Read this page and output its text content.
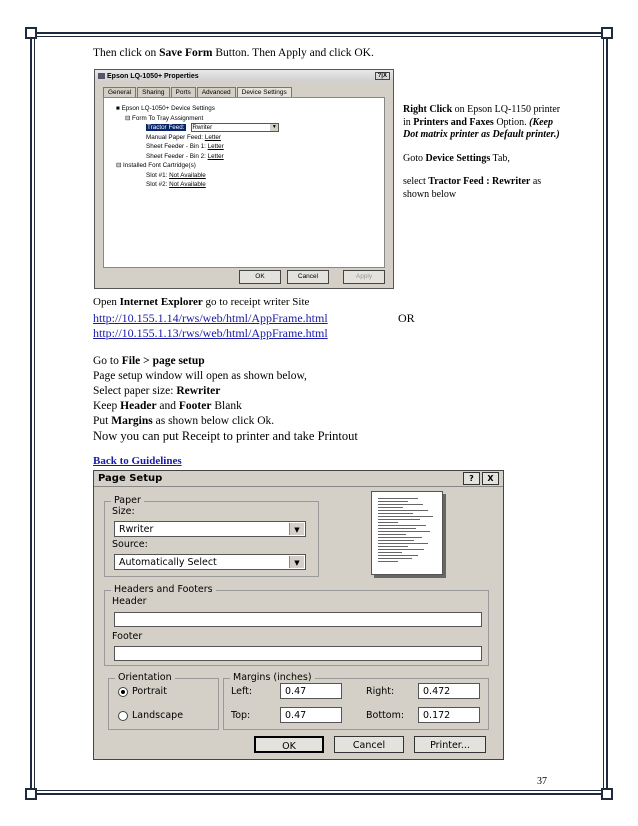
Then click on Save Form Button. Then Apply and click OK.
Epson LQ-1050+ Properties	?|X
General	Sharing	Ports	Advanced	Device Settings
■ Epson LQ-1050+ Device Settings
⊟ Form To Tray Assignment
Tractor Feed: Rwriter	▼
Manual Paper Feed: Letter
Sheet Feeder - Bin 1: Letter
Sheet Feeder - Bin 2: Letter
⊟ Installed Font Cartridge(s)
Slot #1: Not Available
Slot #2: Not Available
OK	Cancel	Apply
Right Click on Epson LQ-1150 printer in Printers and Faxes Option. (Keep Dot matrix printer as Default printer.)
Goto Device Settings Tab,
select Tractor Feed : Rewriter as shown below
Open Internet Explorer go to receipt writer Site
http://10.155.1.14/rws/web/html/AppFrame.html	OR
http://10.155.1.13/rws/web/html/AppFrame.html
Go to File > page setup
Page setup window will open as shown below,
Select paper size: Rewriter
Keep Header and Footer Blank
Put Margins as shown below click Ok.
Now you can put Receipt to printer and take Printout
Back to Guidelines
Page Setup	? X
Paper
Size:
Rwriter	▼
Source:
Automatically Select	▼
Headers and Footers
Header
Footer
Orientation
Portrait
Landscape
Margins (inches)
Left:	0.47	Right:	0.472
Top:	0.47	Bottom:	0.172
OK	Cancel	Printer...
37
